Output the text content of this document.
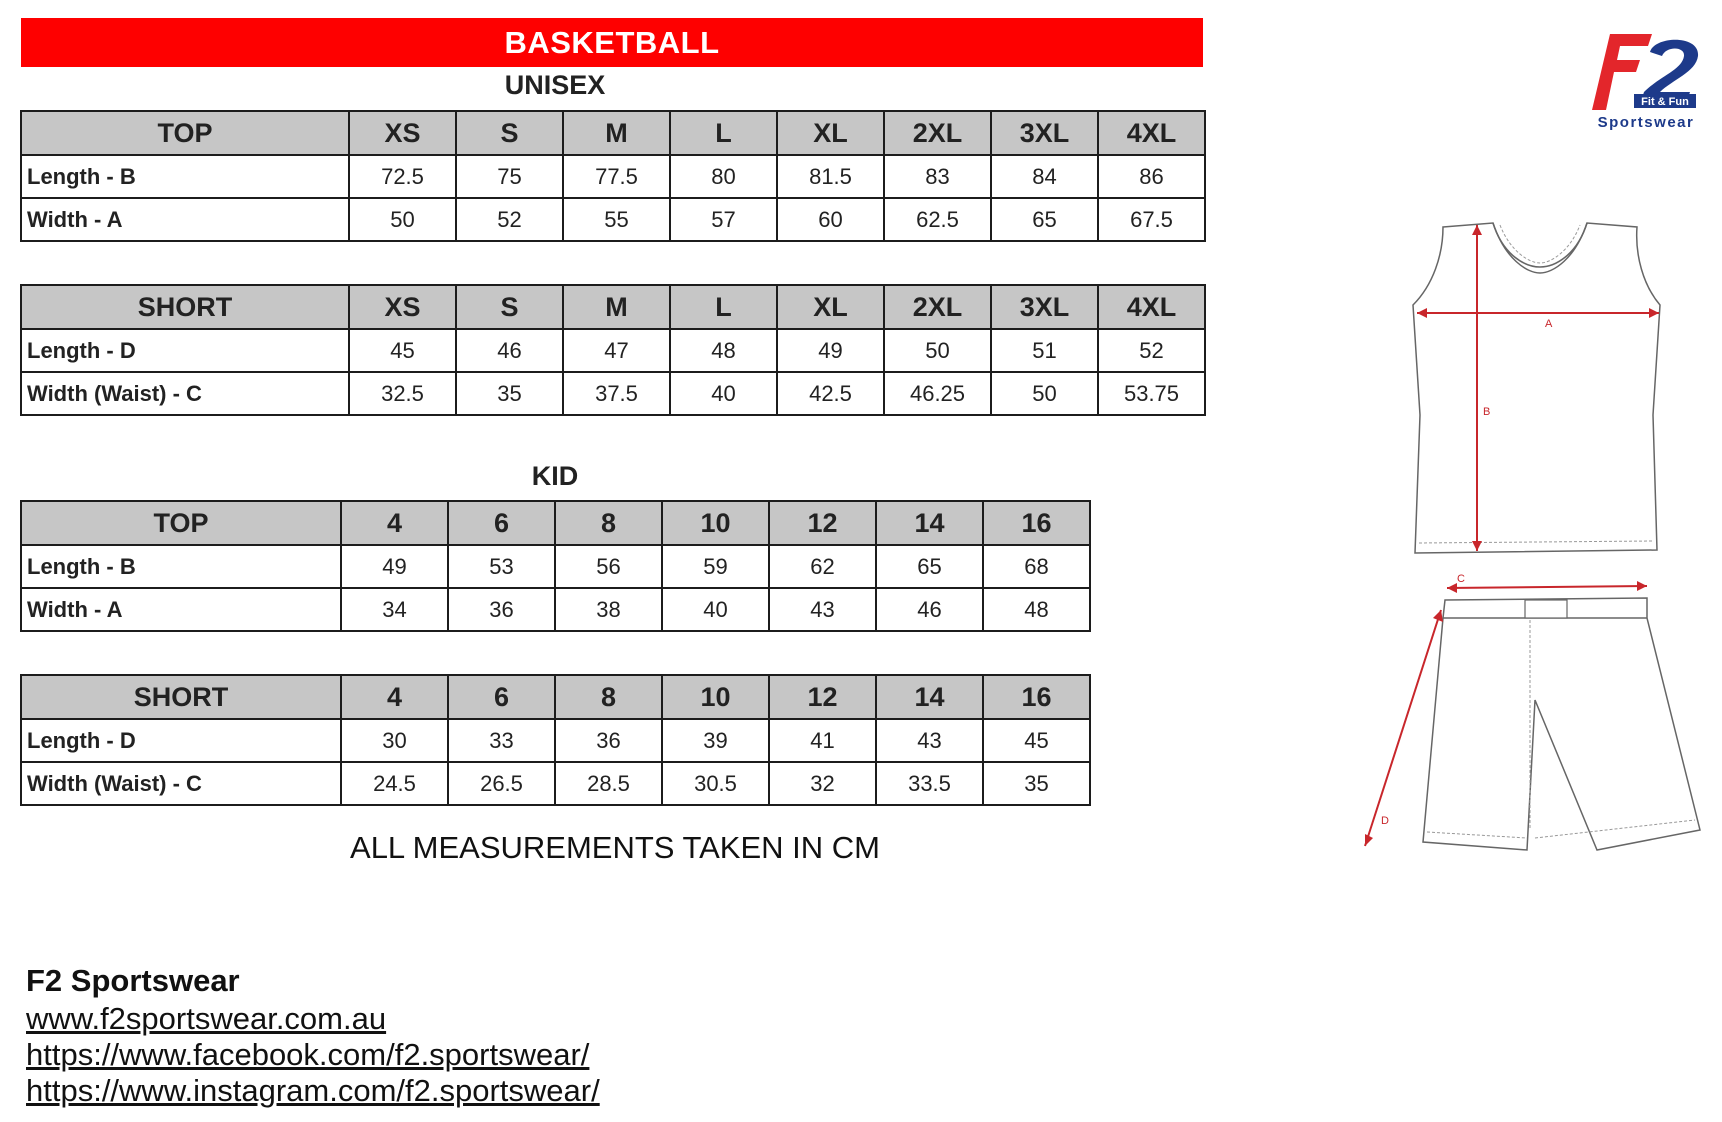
BASKETBALL
UNISEX
TOP	XS	S	M	L	XL	2XL	3XL	4XL
Length - B	72.5	75	77.5	80	81.5	83	84	86
Width - A	50	52	55	57	60	62.5	65	67.5
SHORT	XS	S	M	L	XL	2XL	3XL	4XL
Length - D	45	46	47	48	49	50	51	52
Width (Waist) - C	32.5	35	37.5	40	42.5	46.25	50	53.75
KID
TOP	4	6	8	10	12	14	16
Length - B	49	53	56	59	62	65	68
Width - A	34	36	38	40	43	46	48
SHORT	4	6	8	10	12	14	16
Length - D	30	33	36	39	41	43	45
Width (Waist) - C	24.5	26.5	28.5	30.5	32	33.5	35
ALL MEASUREMENTS TAKEN IN CM
F2 Sportswear
www.f2sportswear.com.au
https://www.facebook.com/f2.sportswear/
https://www.instagram.com/f2.sportswear/
Fit & Fun
Sportswear
A
B
C
D
